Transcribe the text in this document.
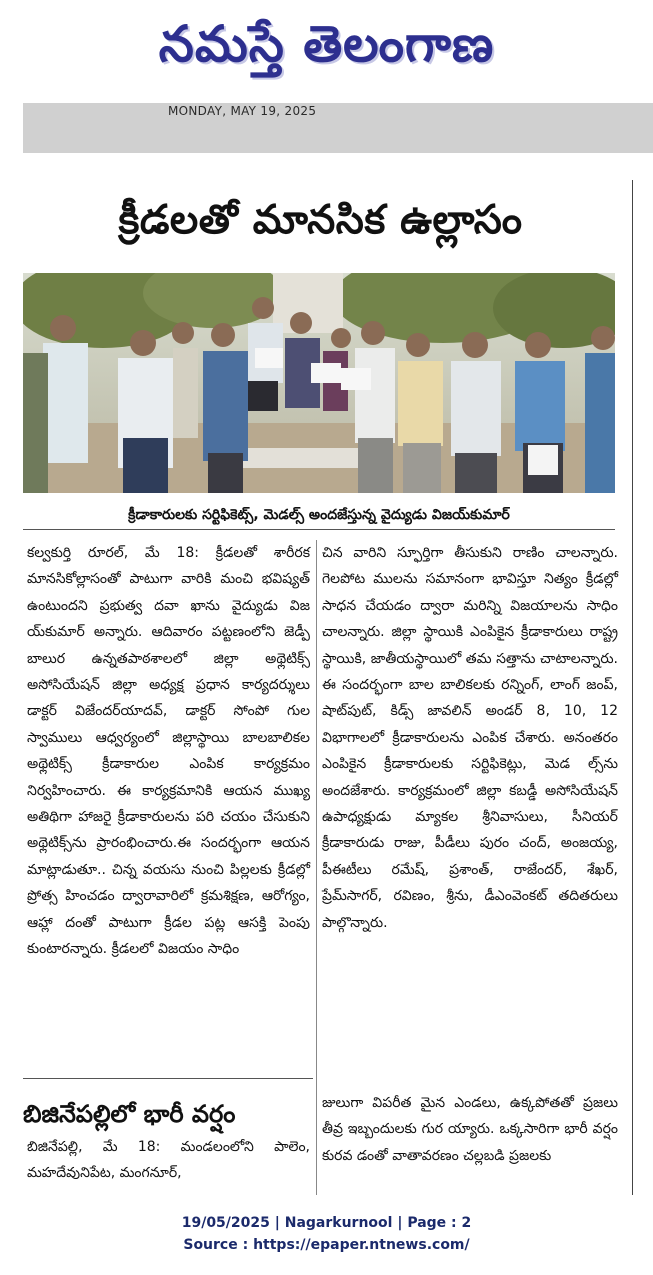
నమస్తే తెలంగాణ
MONDAY, MAY 19, 2025
క్రీడలతో మానసిక ఉల్లాసం
క్రీడాకారులకు సర్టిఫికెట్స్, మెడల్స్ అందజేస్తున్న వైద్యుడు విజయ్‌కుమార్

కల్వకుర్తి రూరల్, మే 18: క్రీడలతో శారీరక మానసికోల్లాసంతో పాటుగా వారికి మంచి భవిష్యత్ ఉంటుందని ప్రభుత్వ దవా ఖాను వైద్యుడు విజ య్‌కుమార్ అన్నారు. ఆదివారం పట్టణంలోని జెడ్పీ బాలుర ఉన్నతపాఠశాలలో జిల్లా అథ్లెటిక్స్ అసోసియేషన్ జిల్లా అధ్యక్ష ప్రధాన కార్యదర్శులు డాక్టర్ విజేందర్‌యాదవ్, డాక్టర్ సోంపో గుల స్వాములు ఆధ్వర్యంలో జిల్లాస్థాయి బాలబాలికల అథ్లెటిక్స్ క్రీడాకారుల ఎంపిక కార్యక్రమం నిర్వహించారు. ఈ కార్యక్రమానికి ఆయన ముఖ్య అతిథిగా హాజరై క్రీడాకారులను పరి చయం చేసుకుని అథ్లెటిక్స్‌ను ప్రారంభించారు.ఈ సందర్భంగా ఆయన మాట్లాడుతూ.. చిన్న వయసు నుంచి పిల్లలకు క్రీడల్లో ప్రోత్స హించడం ద్వారావారిలో క్రమశిక్షణ, ఆరోగ్యం, ఆహ్లా దంతో పాటుగా క్రీడల పట్ల ఆసక్తి పెంపు కుంటారన్నారు. క్రీడలలో విజయం సాధిం

చిన వారిని స్ఫూర్తిగా తీసుకుని రాణిం చాలన్నారు. గెలపోట ములను సమానంగా భావిస్తూ నిత్యం క్రీడల్లో సాధన చేయడం ద్వారా మరిన్ని విజయాలను సాధిం చాలన్నారు. జిల్లా స్థాయికి ఎంపికైన క్రీడాకారులు రాష్ట్ర స్థాయికి, జాతీయస్థాయిలో తమ సత్తాను చాటాలన్నారు. ఈ సందర్భంగా బాల బాలికలకు రన్నింగ్, లాంగ్ జంప్, షాట్‌పుట్, కిడ్స్ జావలిన్ అండర్ 8, 10, 12 విభాగాలలో క్రీడాకారులను ఎంపిక చేశారు. అనంతరం ఎంపికైన క్రీడాకారులకు సర్టిఫికెట్లు, మెడ ల్స్‌ను అందజేశారు. కార్యక్రమంలో జిల్లా కబడ్డీ అసోసియేషన్ ఉపాధ్యక్షుడు మ్యాకల శ్రీనివాసులు, సీనియర్ క్రీడాకారుడు రాజు, పీడీలు పురం చంద్, అంజయ్య, పీఈటీలు రమేష్, ప్రశాంత్, రాజేందర్, శేఖర్, ప్రేమ్‌సాగర్, రవిణం, శ్రీను, డీఎంవెంకట్ తదితరులు పాల్గొన్నారు.

బిజినేపల్లిలో భారీ వర్షం

బిజినేపల్లి, మే 18: మండలంలోని పాలెం, మహదేవునిపేట, మంగనూర్,

జులుగా విపరీత మైన ఎండలు, ఉక్కపోతతో ప్రజలు తీవ్ర ఇబ్బందులకు గుర య్యారు. ఒక్కసారిగా భారీ వర్షం కురవ డంతో వాతావరణం చల్లబడి ప్రజలకు

19/05/2025 | Nagarkurnool | Page : 2
Source : https://epaper.ntnews.com/
